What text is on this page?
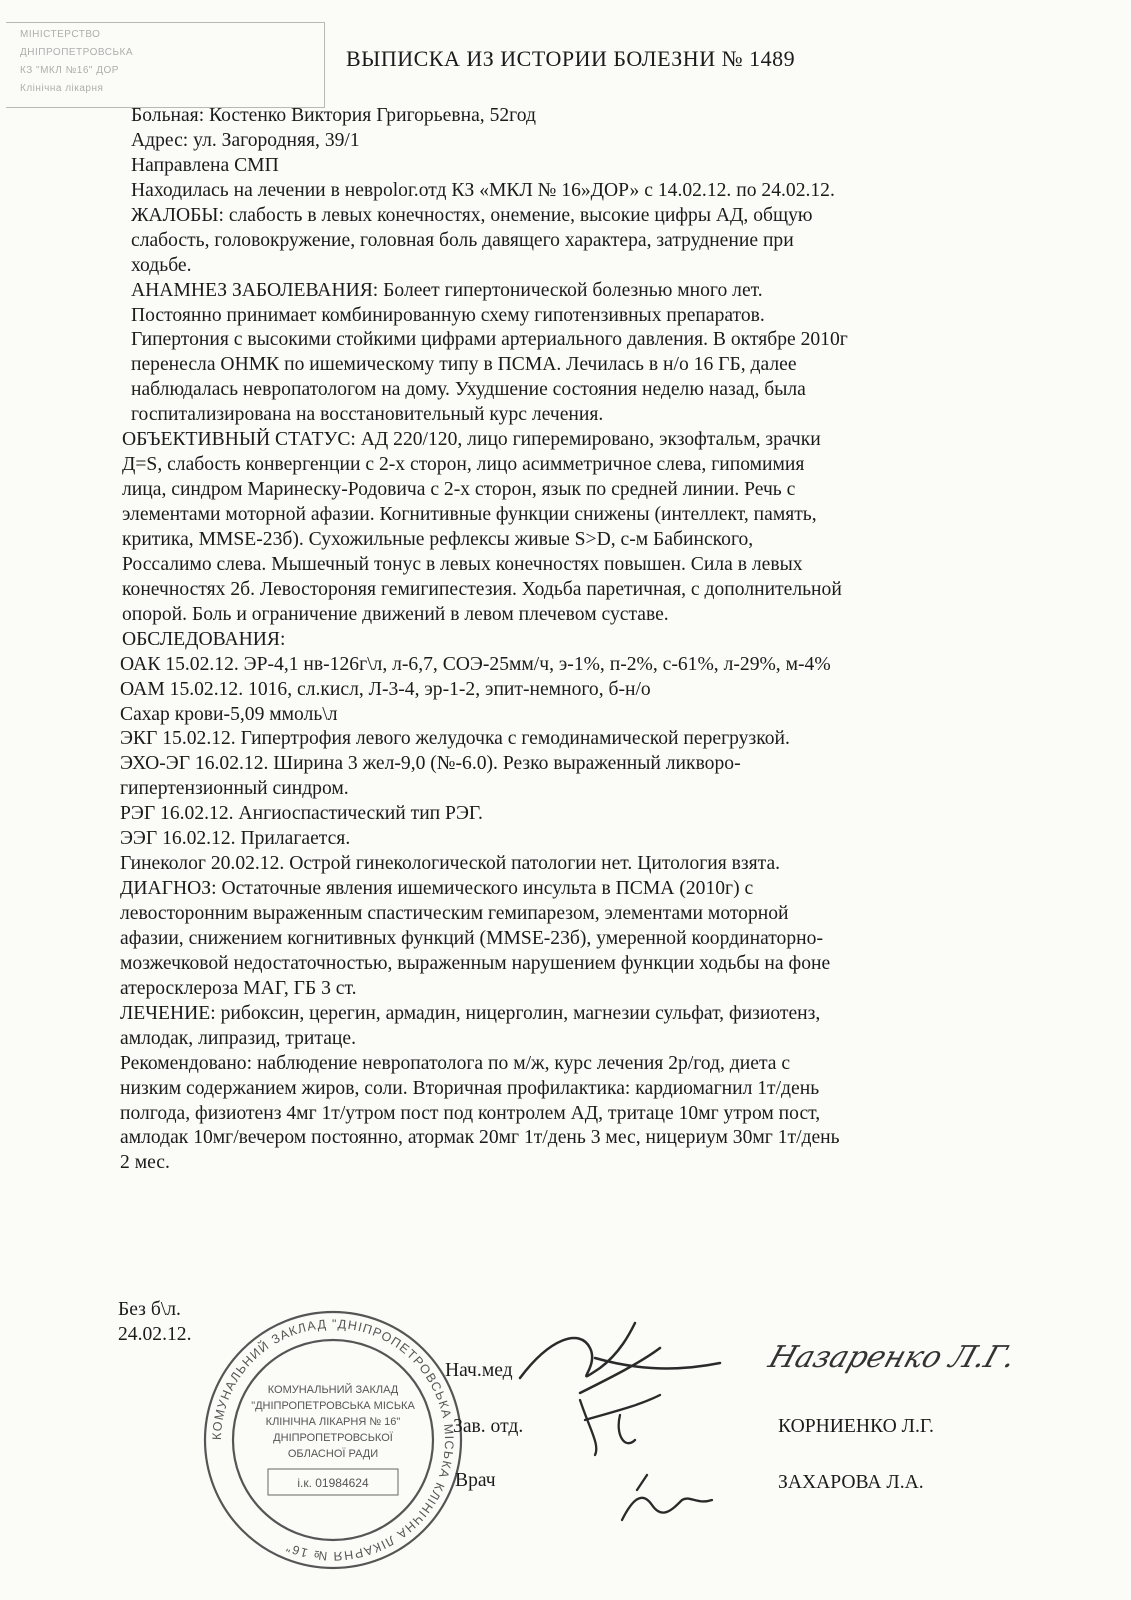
МІНІСТЕРСТВО
ДНІПРОПЕТРОВСЬКА
КЗ "МКЛ №16" ДОР
Клінічна лікарня
ВЫПИСКА ИЗ ИСТОРИИ БОЛЕЗНИ № 1489
Больная: Костенко Виктория Григорьевна, 52год
Адрес: ул. Загородняя, 39/1
Направлена СМП
Находилась на лечении в неврolог.отд КЗ «МКЛ № 16»ДОР» с 14.02.12. по 24.02.12.
ЖАЛОБЫ: слабость в левых конечностях, онемение, высокие цифры АД, общую
слабость, головокружение, головная боль давящего характера, затруднение при
ходьбе.
АНАМНЕЗ ЗАБОЛЕВАНИЯ: Болеет гипертонической болезнью много лет.
Постоянно принимает комбинированную схему гипотензивных препаратов.
Гипертония с высокими стойкими цифрами артериального давления. В октябре 2010г
перенесла ОНМК по ишемическому типу в ПСМА. Лечилась в н/о 16 ГБ, далее
наблюдалась невропатологом на дому. Ухудшение состояния неделю назад, была
госпитализирована на восстановительный курс лечения.
ОБЪЕКТИВНЫЙ СТАТУС: АД 220/120, лицо гиперемировано, экзофтальм, зрачки
Д=S, слабость конвергенции с 2-х сторон, лицо асимметричное слева, гипомимия
лица, синдром Маринеску-Родовича с 2-х сторон, язык по средней линии. Речь с
элементами моторной афазии. Когнитивные функции снижены (интеллект, память,
критика, MMSE-23б). Сухожильные рефлексы живые S>D, с-м Бабинского,
Россалимо слева. Мышечный тонус в левых конечностях повышен. Сила в левых
конечностях 2б. Левостороняя гемигипестезия. Ходьба паретичная, с дополнительной
опорой. Боль и ограничение движений в левом плечевом суставе.
ОБСЛЕДОВАНИЯ:
ОАК 15.02.12. ЭР-4,1 нв-126г\л, л-6,7, СОЭ-25мм/ч, э-1%, п-2%, с-61%, л-29%, м-4%
ОАМ 15.02.12. 1016, сл.кисл, Л-3-4, эр-1-2, эпит-немного, б-н/о
Сахар крови-5,09 ммоль\л
ЭКГ 15.02.12. Гипертрофия левого желудочка с гемодинамической перегрузкой.
ЭХО-ЭГ 16.02.12. Ширина 3 жел-9,0 (№-6.0). Резко выраженный ликворо-
гипертензионный синдром.
РЭГ 16.02.12. Ангиоспастический тип РЭГ.
ЭЭГ 16.02.12. Прилагается.
Гинеколог 20.02.12. Острой гинекологической патологии нет. Цитология взята.
ДИАГНОЗ: Остаточные явления ишемического инсульта в ПСМА (2010г) с
левосторонним выраженным спастическим гемипарезом, элементами моторной
афазии, снижением когнитивных функций (MMSE-23б), умеренной координаторно-
мозжечковой недостаточностью, выраженным нарушением функции ходьбы на фоне
атеросклероза МАГ, ГБ 3 ст.
ЛЕЧЕНИЕ: рибоксин, церегин, армадин, ницерголин, магнезии сульфат, физиотенз,
амлодак, липразид, тритаце.
Рекомендовано: наблюдение невропатолога по м/ж, курс лечения 2р/год, диета с
низким содержанием жиров, соли. Вторичная профилактика: кардиомагнил 1т/день
полгода, физиотенз 4мг 1т/утром пост под контролем АД, тритаце 10мг утром пост,
амлодак 10мг/вечером постоянно, атормак 20мг 1т/день 3 мес, ницериум 30мг 1т/день
2 мес.
Без б\л.
24.02.12.
КОМУНАЛЬНИЙ ЗАКЛАД "ДНІПРОПЕТРОВСЬКА МІСЬКА КЛІНІЧНА ЛІКАРНЯ № 16"
КОМУНАЛЬНИЙ ЗАКЛАД
"ДНІПРОПЕТРОВСЬКА МІСЬКА
КЛІНІЧНА ЛІКАРНЯ № 16"
ДНІПРОПЕТРОВСЬКОЇ
ОБЛАСНОЇ РАДИ
і.к. 01984624
Нач.мед
Зав. отд.
Врач
КОРНИЕНКО Л.Г.
ЗАХАРОВА Л.А.
Назаренко Л.Г.
